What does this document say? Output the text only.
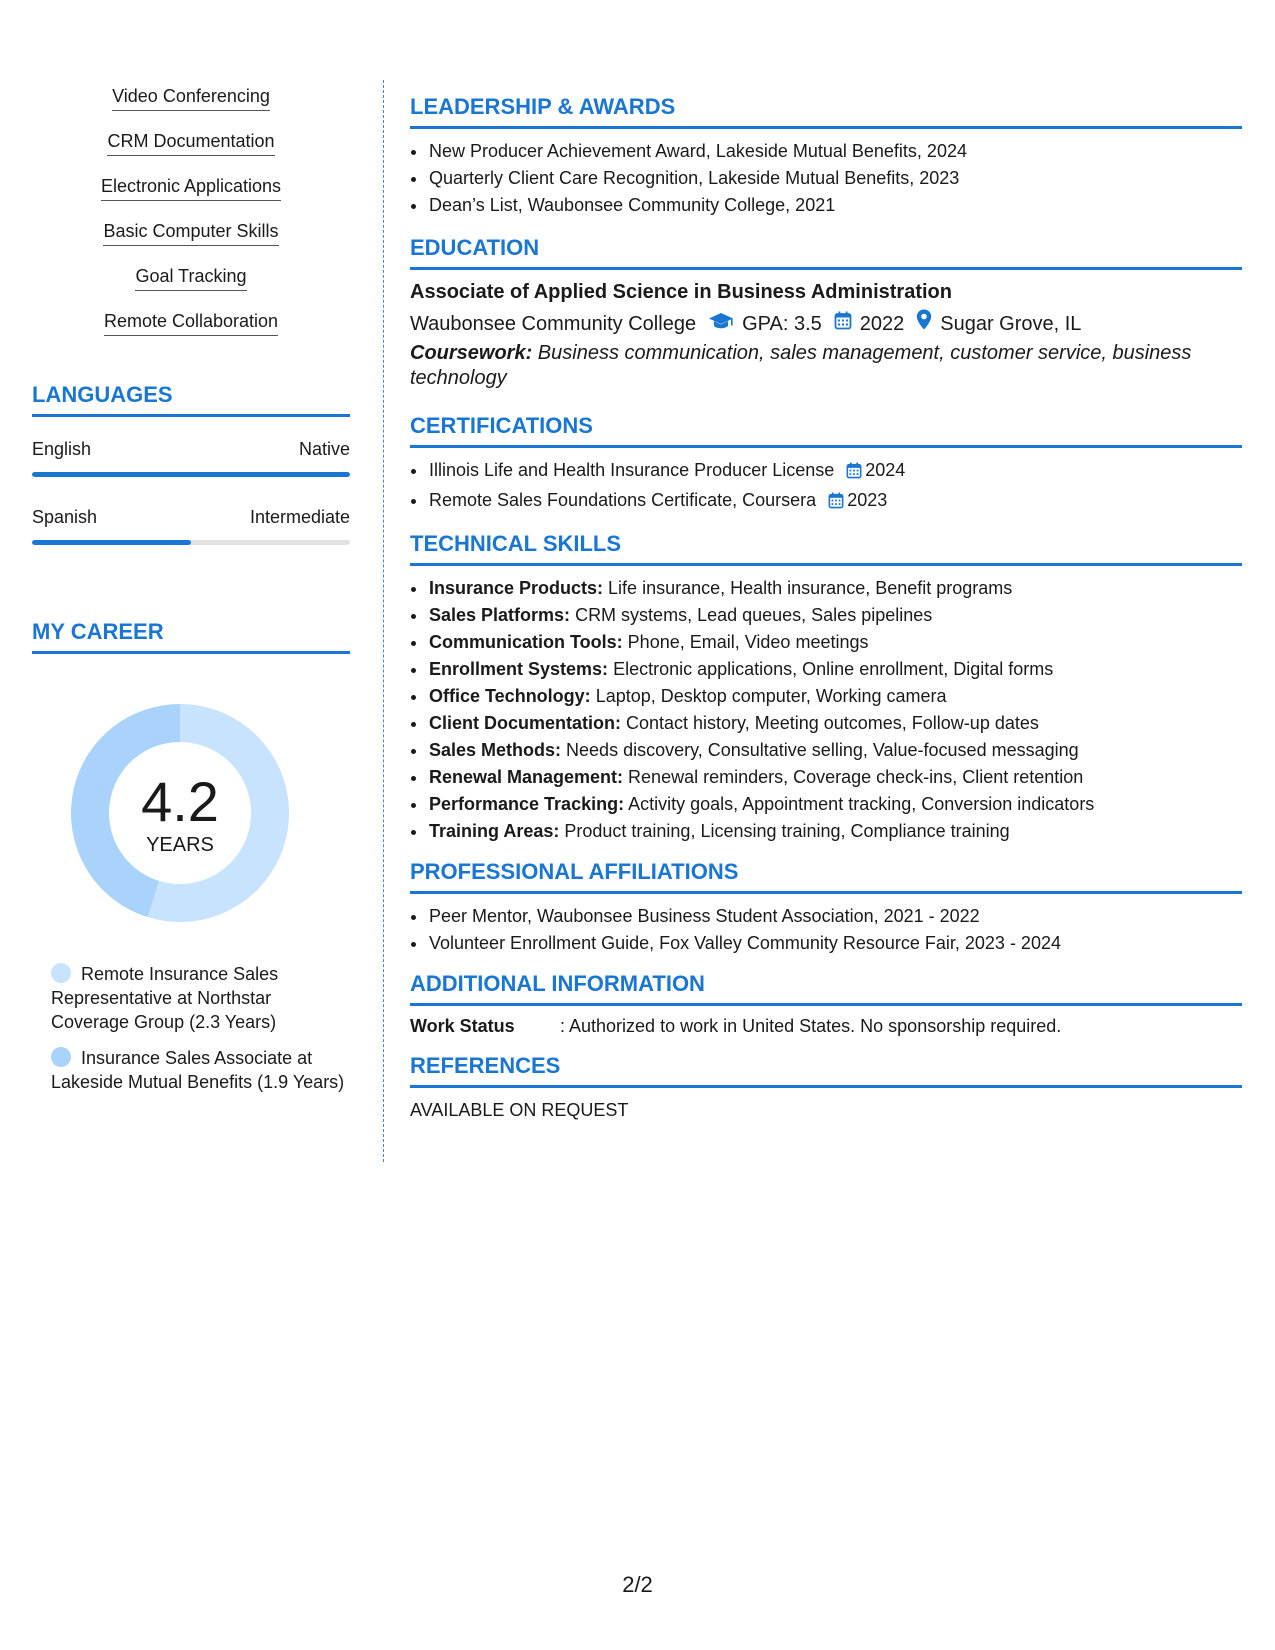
Video Conferencing
CRM Documentation
Electronic Applications
Basic Computer Skills
Goal Tracking
Remote Collaboration
LANGUAGES
English	Native
Spanish	Intermediate
MY CAREER
4.2
YEARS
Remote Insurance Sales Representative at Northstar Coverage Group (2.3 Years)
Insurance Sales Associate at Lakeside Mutual Benefits (1.9 Years)
LEADERSHIP & AWARDS
• New Producer Achievement Award, Lakeside Mutual Benefits, 2024
• Quarterly Client Care Recognition, Lakeside Mutual Benefits, 2023
• Dean’s List, Waubonsee Community College, 2021
EDUCATION
Associate of Applied Science in Business Administration
Waubonsee Community College GPA: 3.5 2022 Sugar Grove, IL
Coursework: Business communication, sales management, customer service, business technology
CERTIFICATIONS
• Illinois Life and Health Insurance Producer License 2024
• Remote Sales Foundations Certificate, Coursera 2023
TECHNICAL SKILLS
• Insurance Products: Life insurance, Health insurance, Benefit programs
• Sales Platforms: CRM systems, Lead queues, Sales pipelines
• Communication Tools: Phone, Email, Video meetings
• Enrollment Systems: Electronic applications, Online enrollment, Digital forms
• Office Technology: Laptop, Desktop computer, Working camera
• Client Documentation: Contact history, Meeting outcomes, Follow-up dates
• Sales Methods: Needs discovery, Consultative selling, Value-focused messaging
• Renewal Management: Renewal reminders, Coverage check-ins, Client retention
• Performance Tracking: Activity goals, Appointment tracking, Conversion indicators
• Training Areas: Product training, Licensing training, Compliance training
PROFESSIONAL AFFILIATIONS
• Peer Mentor, Waubonsee Business Student Association, 2021 - 2022
• Volunteer Enrollment Guide, Fox Valley Community Resource Fair, 2023 - 2024
ADDITIONAL INFORMATION
Work Status	: Authorized to work in United States. No sponsorship required.
REFERENCES
AVAILABLE ON REQUEST
2/2
